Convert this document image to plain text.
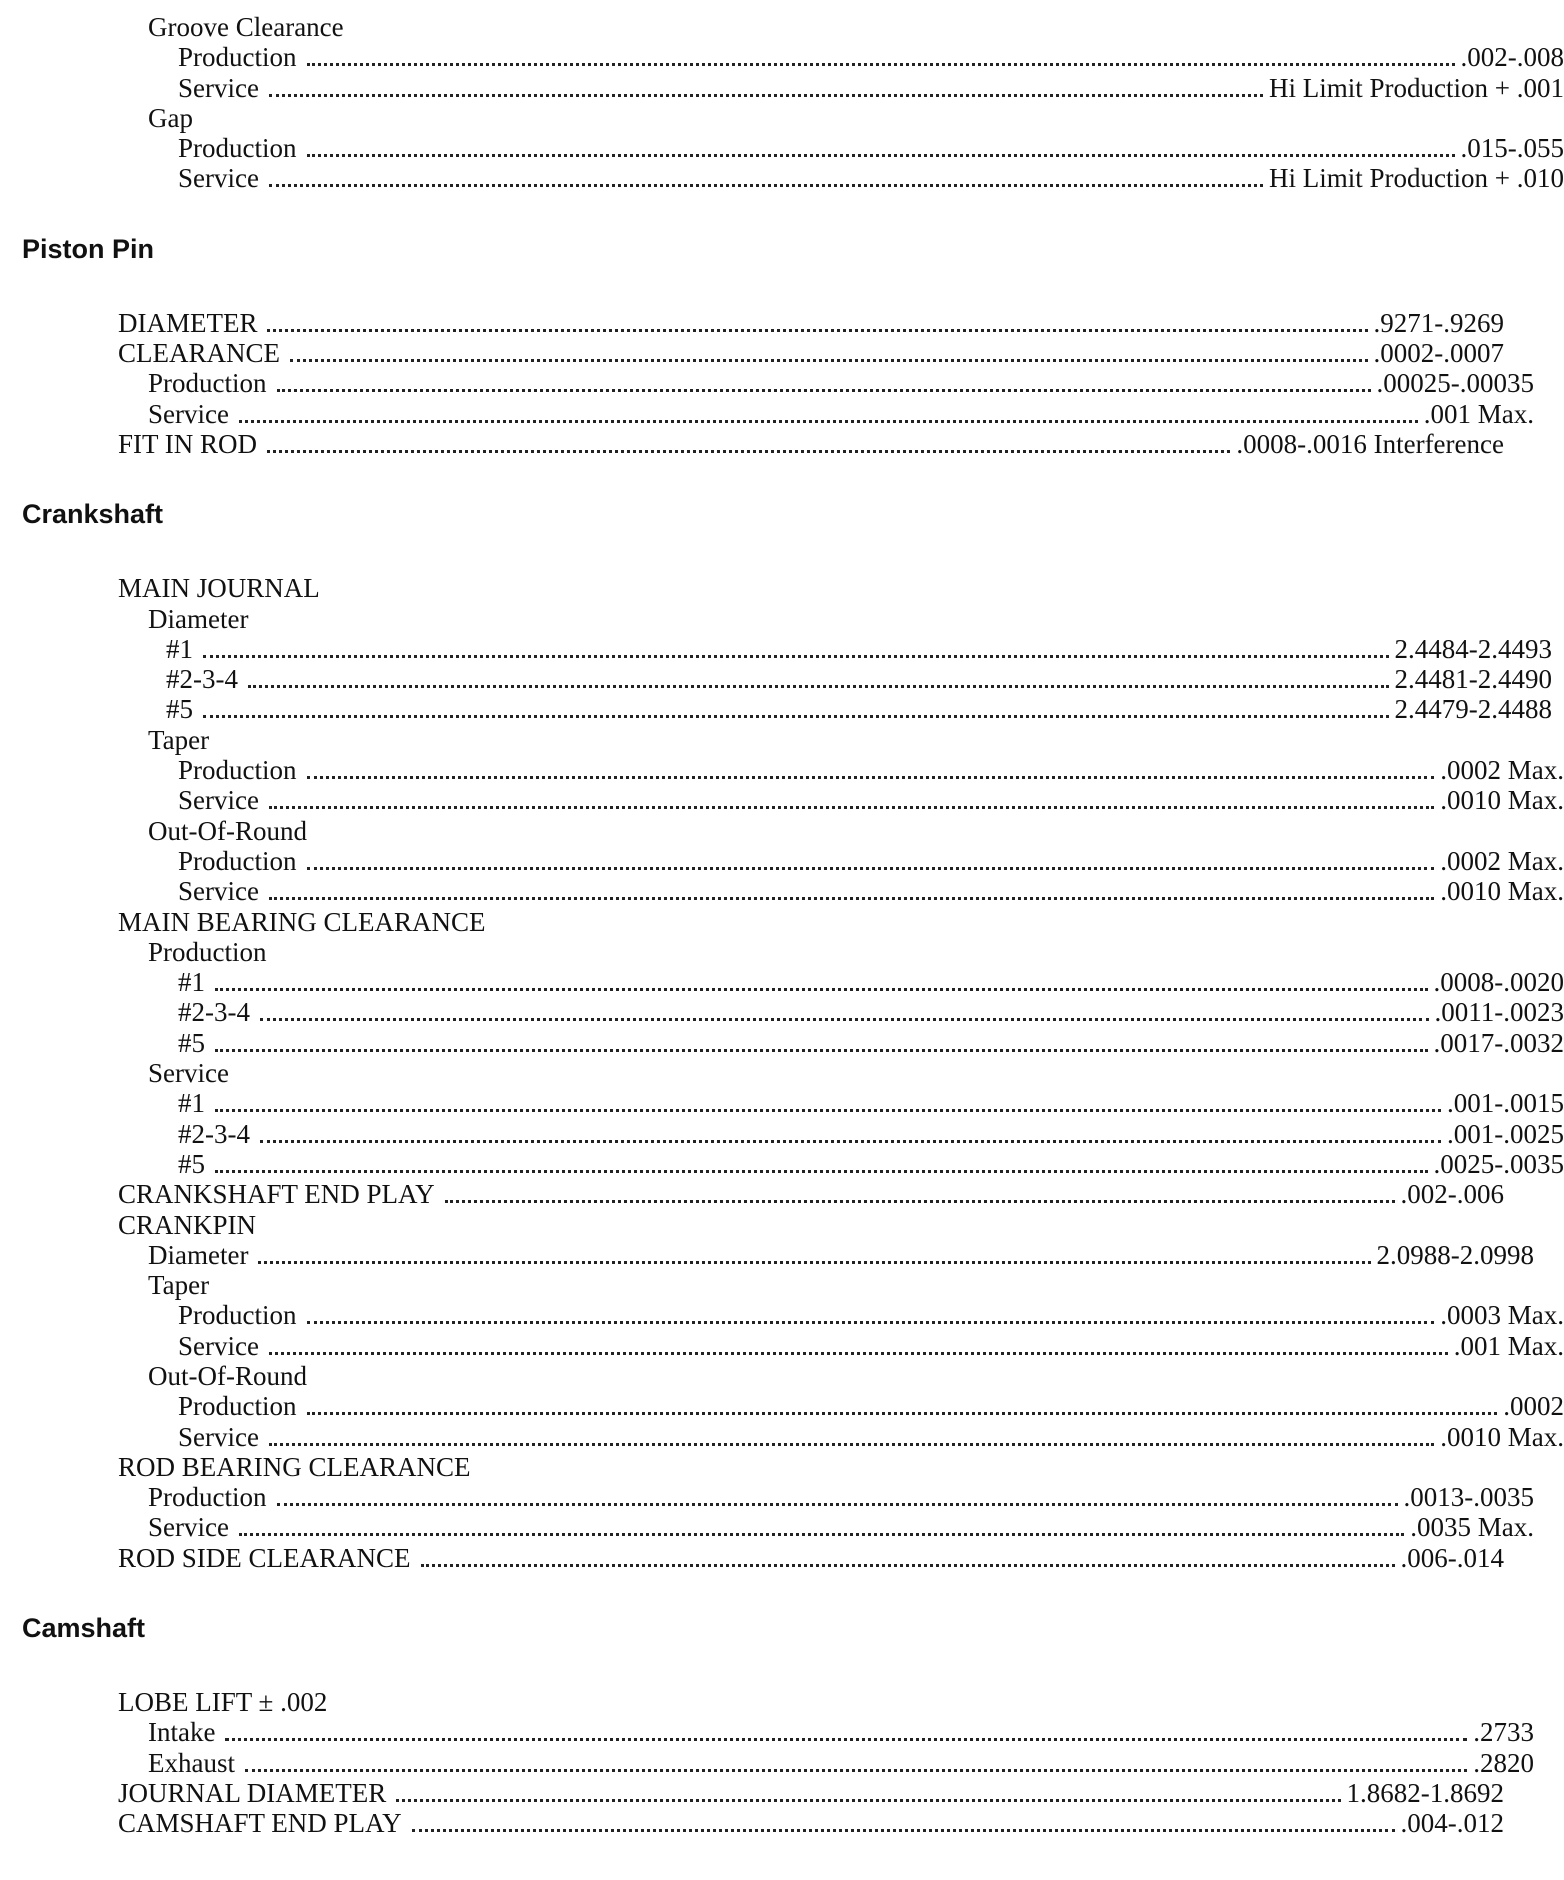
Groove Clearance
Production	.002-.008
Service	Hi Limit Production + .001
Gap
Production	.015-.055
Service	Hi Limit Production + .010
Piston Pin
DIAMETER	.9271-.9269
CLEARANCE	.0002-.0007
Production	.00025-.00035
Service	.001 Max.
FIT IN ROD	.0008-.0016 Interference
Crankshaft
MAIN JOURNAL
Diameter
#1	2.4484-2.4493
#2-3-4	2.4481-2.4490
#5	2.4479-2.4488
Taper
Production	.0002 Max.
Service	.0010 Max.
Out-Of-Round
Production	.0002 Max.
Service	.0010 Max.
MAIN BEARING CLEARANCE
Production
#1	.0008-.0020
#2-3-4	.0011-.0023
#5	.0017-.0032
Service
#1	.001-.0015
#2-3-4	.001-.0025
#5	.0025-.0035
CRANKSHAFT END PLAY	.002-.006
CRANKPIN
Diameter	2.0988-2.0998
Taper
Production	.0003 Max.
Service	.001 Max.
Out-Of-Round
Production	.0002
Service	.0010 Max.
ROD BEARING CLEARANCE
Production	.0013-.0035
Service	.0035 Max.
ROD SIDE CLEARANCE	.006-.014
Camshaft
LOBE LIFT ± .002
Intake	.2733
Exhaust	.2820
JOURNAL DIAMETER	1.8682-1.8692
CAMSHAFT END PLAY	.004-.012
